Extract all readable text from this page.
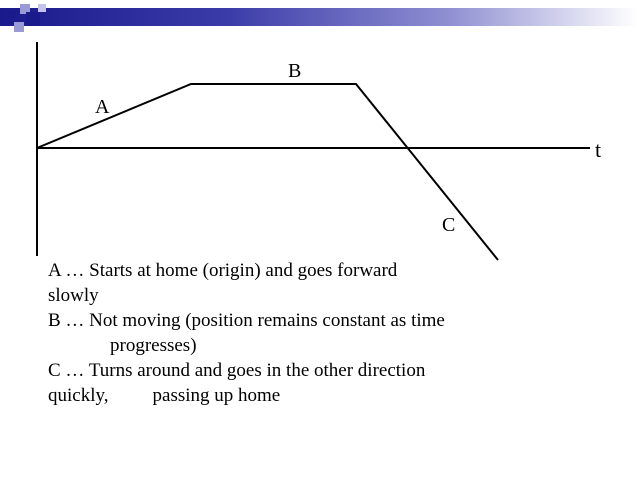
A
B
C
t
A … Starts at home (origin) and goes forward
slowly
B … Not moving (position remains constant as time
progresses)
C … Turns around and goes in the other direction
quickly, passing up home
